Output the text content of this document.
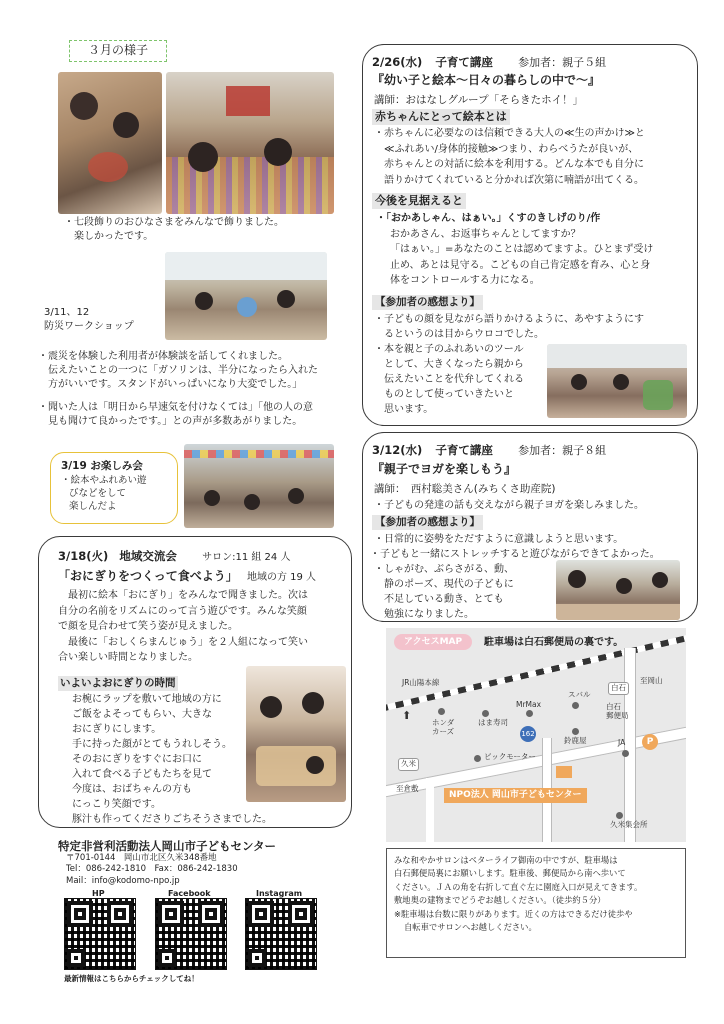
３月の様子
・七段飾りのおひなさまをみんなで飾りました。
楽しかったです。
3/11、12
防災ワークショップ
・震災を体験した利用者が体験談を話してくれました。
伝えたいことの一つに「ガソリンは、半分になったら入れた
方がいいです。スタンドがいっぱいになり大変でした。」
・聞いた人は「明日から早速気を付けなくては」「他の人の意
見も聞けて良かったです。」との声が多数あがりました。
3/19 お楽しみ会
・絵本やふれあい遊
びなどをして
楽しんだよ
3/18(火) 地域交流会	サロン:11 組 24 人
「おにぎりをつくって食べよう」 地域の方 19 人
最初に絵本「おにぎり」をみんなで聞きました。次は
自分の名前をリズムにのって言う遊びです。みんな笑顔
で顔を見合わせて笑う姿が見えました。
最後に「おしくらまんじゅう」を２人組になって笑い
合い楽しい時間となりました。
いよいよおにぎりの時間
お椀にラップを敷いて地域の方に
ご飯をよそってもらい、大きな
おにぎりにします。
手に持った顔がとてもうれしそう。
そのおにぎりをすぐにお口に
入れて食べる子どもたちを見て
今度は、おばちゃんの方も
にっこり笑顔です。
豚汁も作ってくださりごちそうさまでした。
特定非営利活動法人岡山市子どもセンター
〒701-0144　岡山市北区久米348番地
Tel：086-242-1810　Fax：086-242-1830
Mail：info@kodomo-npo.jp
HP	Facebook	Instagram
最新情報はこちらからチェックしてね！
2/26(水) 子育て講座 参加者：親子５組
『幼い子と絵本～日々の暮らしの中で～』
講師：おはなしグループ「そらきたホイ！」
赤ちゃんにとって絵本とは
・赤ちゃんに必要なのは信頼できる大人の≪生の声かけ≫と
≪ふれあい/身体的接触≫つまり、わらべうたが良いが、
赤ちゃんとの対話に絵本を利用する。どんな本でも自分に
語りかけてくれていると分かれば次第に喃語が出てくる。
今後を見据えると
・「おかあしゃん、はぁい。」くすのきしげのり/作
おかあさん、お返事ちゃんとしてますか？
「はぁい。」=あなたのことは認めてますよ。ひとまず受け
止め、あとは見守る。こどもの自己肯定感を育み、心と身
体をコントロールする力になる。
【参加者の感想より】
・子どもの顔を見ながら語りかけるように、あやすようにす
るというのは目からウロコでした。
・本を親と子のふれあいのツール
として、大きくなったら親から
伝えたいことを代弁してくれる
ものとして使っていきたいと
思います。
3/12(水) 子育て講座 参加者：親子８組
『親子でヨガを楽しもう』
講師：　西村聡美さん(みちくさ助産院)
・子どもの発達の話も交えながら親子ヨガを楽しみました。
【参加者の感想より】
・日常的に姿勢をただすように意識しようと思います。
・子どもと一緒にストレッチすると遊びながらできてよかった。
・しゃがむ、ぶらさがる、動、
静のポーズ、現代の子どもに
不足している動き、とても
勉強になりました。
アクセスMAP	駐車場は白石郵便局の裏です。
JR山陽本線
⬆
ホンダ
カーズ
はま寿司
MrMax
スバル
白石
至岡山
白石
郵便局
162
鈴鹿屋
ビックモーター
久米
至倉敷
JA	P
NPO法人 岡山市子どもセンター
久米集会所
みな和やかサロンはベターライフ御南の中ですが、駐車場は
白石郵便局裏にお願いします。駐車後、郵便局から南へ歩いて
ください。ＪＡの角を右折して直ぐ左に園庭入口が見えてきます。
敷地奥の建物までどうぞお越しください。（徒歩約５分）
※駐車場は台数に限りがあります。近くの方はできるだけ徒歩や
自転車でサロンへお越しください。
